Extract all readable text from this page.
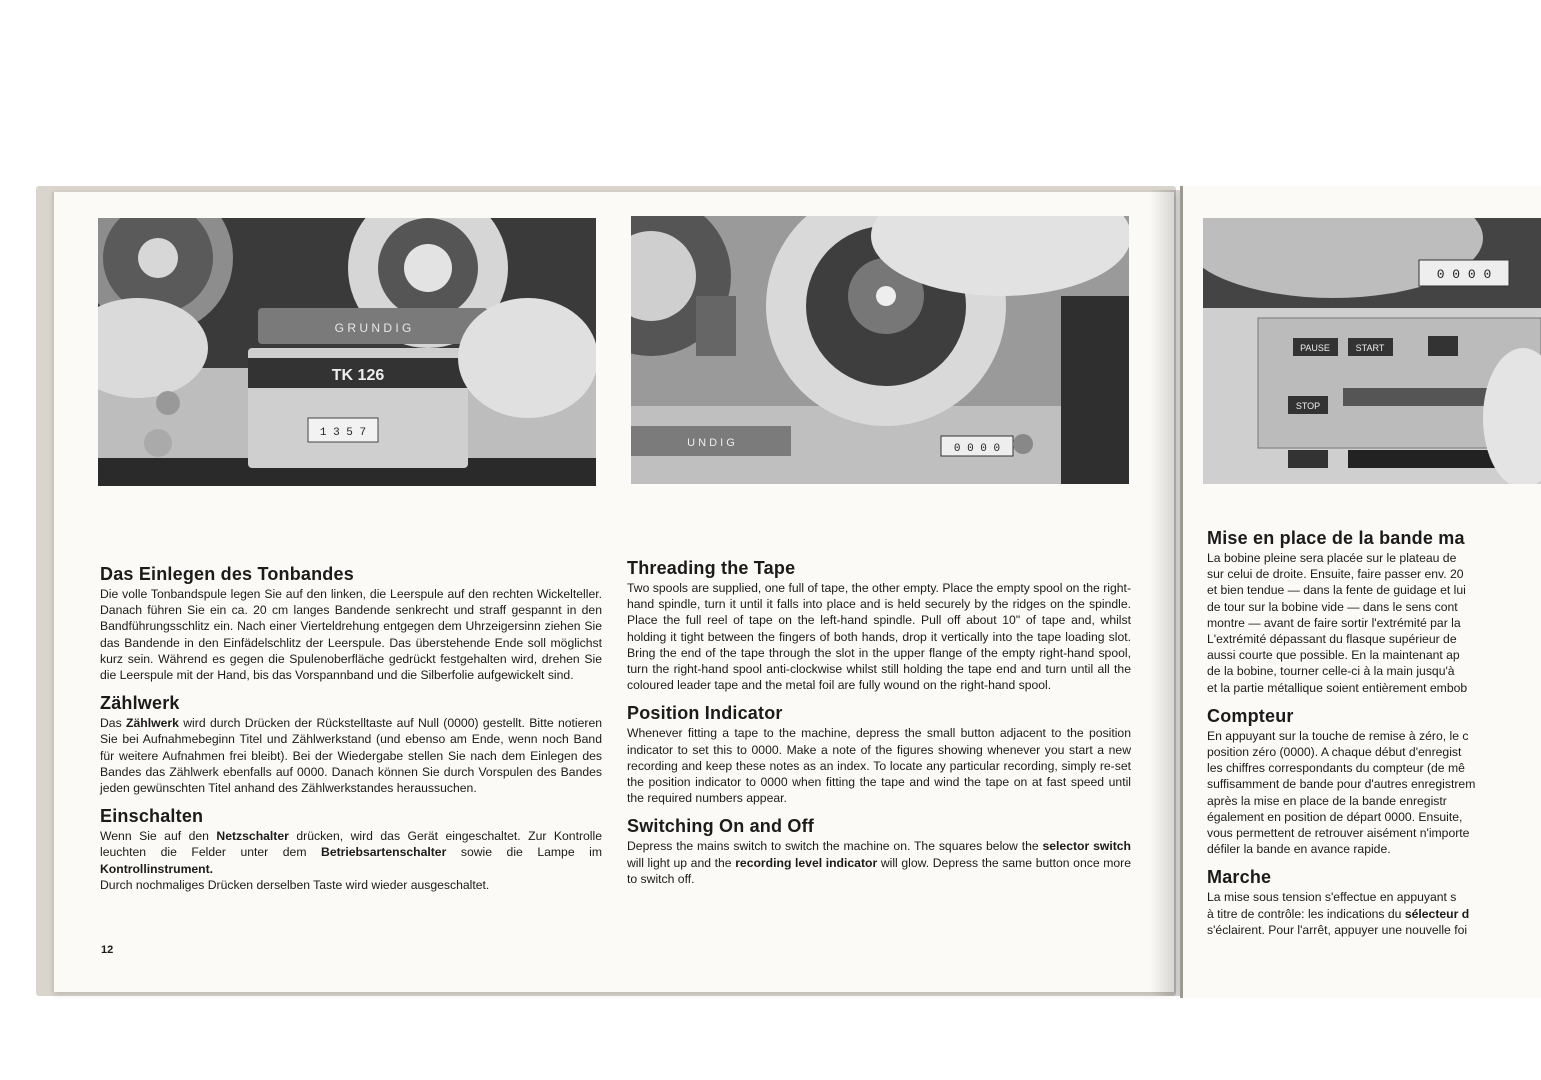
G R U N D I G
TK 126
1 3 5 7
U N D I G	0 0 0 0
0 0 0 0
PAUSE	START
STOP
Das Einlegen des Tonbandes

Die volle Tonbandspule legen Sie auf den linken, die Leerspule auf den rechten Wickelteller. Danach führen Sie ein ca. 20 cm langes Bandende senkrecht und straff gespannt in den Bandführungsschlitz ein. Nach einer Vierteldrehung entgegen dem Uhrzeigersinn ziehen Sie das Bandende in den Einfädelschlitz der Leerspule. Das überstehende Ende soll möglichst kurz sein. Während es gegen die Spulenoberfläche gedrückt festgehalten wird, drehen Sie die Leerspule mit der Hand, bis das Vorspannband und die Silberfolie aufgewickelt sind.

Zählwerk

Das Zählwerk wird durch Drücken der Rückstelltaste auf Null (0000) gestellt. Bitte notieren Sie bei Aufnahmebeginn Titel und Zählwerkstand (und ebenso am Ende, wenn noch Band für weitere Aufnahmen frei bleibt). Bei der Wiedergabe stellen Sie nach dem Einlegen des Bandes das Zählwerk ebenfalls auf 0000. Danach können Sie durch Vorspulen des Bandes jeden gewünschten Titel anhand des Zählwerkstandes heraussuchen.

Einschalten

Wenn Sie auf den Netzschalter drücken, wird das Gerät eingeschaltet. Zur Kontrolle leuchten die Felder unter dem Betriebsartenschalter sowie die Lampe im Kontrollinstrument.
Durch nochmaliges Drücken derselben Taste wird wieder ausgeschaltet.

12
Threading the Tape

Two spools are supplied, one full of tape, the other empty. Place the empty spool on the right-hand spindle, turn it until it falls into place and is held securely by the ridges on the spindle. Place the full reel of tape on the left-hand spindle. Pull off about 10" of tape and, whilst holding it tight between the fingers of both hands, drop it vertically into the tape loading slot. Bring the end of the tape through the slot in the upper flange of the empty right-hand spool, turn the right-hand spool anti-clockwise whilst still holding the tape end and turn until all the coloured leader tape and the metal foil are fully wound on the right-hand spool.

Position Indicator

Whenever fitting a tape to the machine, depress the small button adjacent to the position indicator to set this to 0000. Make a note of the figures showing whenever you start a new recording and keep these notes as an index. To locate any particular recording, simply re-set the position indicator to 0000 when fitting the tape and wind the tape on at fast speed until the required numbers appear.

Switching On and Off

Depress the mains switch to switch the machine on. The squares below the selector switch will light up and the recording level indicator will glow. Depress the same button once more to switch off.

Mise en place de la bande ma
La bobine pleine sera placée sur le plateau de
sur celui de droite. Ensuite, faire passer env. 20
et bien tendue — dans la fente de guidage et lui
de tour sur la bobine vide — dans le sens cont
montre — avant de faire sortir l'extrémité par la
L'extrémité dépassant du flasque supérieur de
aussi courte que possible. En la maintenant ap
de la bobine, tourner celle-ci à la main jusqu'à
et la partie métallique soient entièrement embob
Compteur
En appuyant sur la touche de remise à zéro, le c
position zéro (0000). A chaque début d'enregist
les chiffres correspondants du compteur (de mê
suffisamment de bande pour d'autres enregistrem
après la mise en place de la bande enregistr
également en position de départ 0000. Ensuite,
vous permettent de retrouver aisément n'importe
défiler la bande en avance rapide.
Marche
La mise sous tension s'effectue en appuyant s
à titre de contrôle: les indications du sélecteur d
s'éclairent. Pour l'arrêt, appuyer une nouvelle foi
